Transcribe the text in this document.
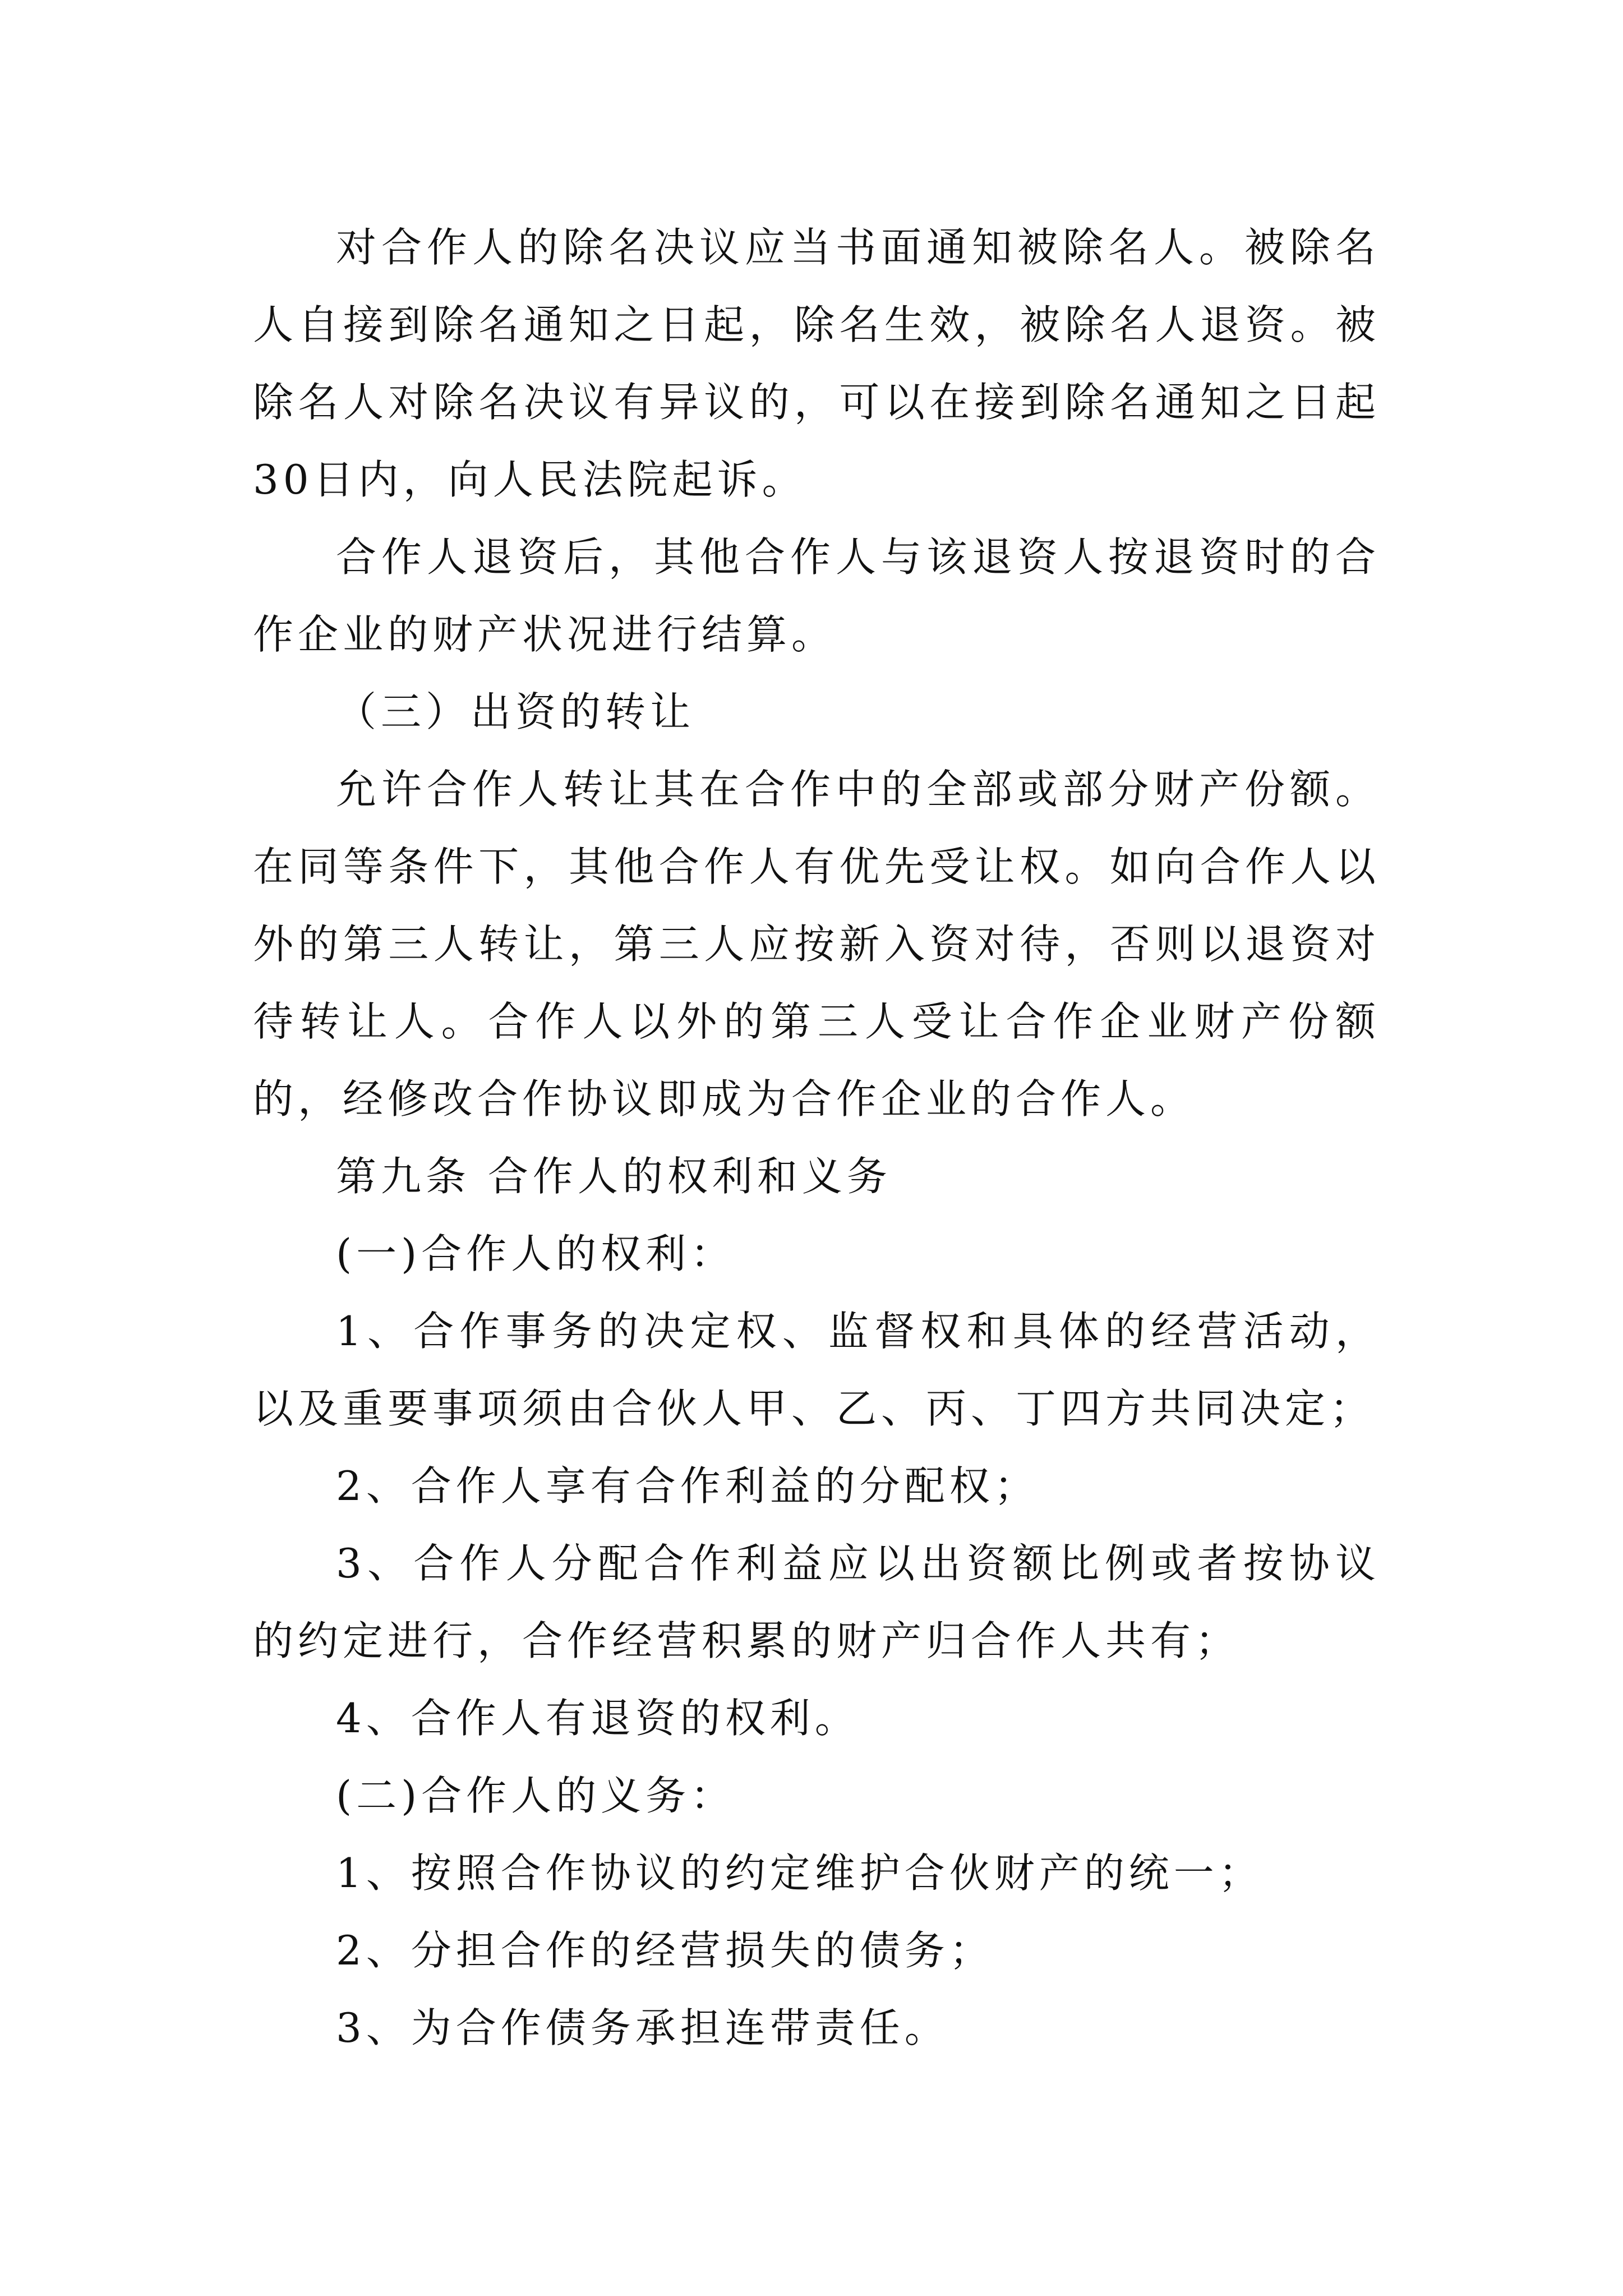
对合作人的除名决议应当书面通知被除名人。被除名人自接到除名通知之日起，除名生效，被除名人退资。被除名人对除名决议有异议的，可以在接到除名通知之日起30日内，向人民法院起诉。

合作人退资后，其他合作人与该退资人按退资时的合作企业的财产状况进行结算。

（三）出资的转让

允许合作人转让其在合作中的全部或部分财产份额。在同等条件下，其他合作人有优先受让权。如向合作人以外的第三人转让，第三人应按新入资对待，否则以退资对待转让人。合作人以外的第三人受让合作企业财产份额的，经修改合作协议即成为合作企业的合作人。

第九条 合作人的权利和义务

(一)合作人的权利：

1、合作事务的决定权、监督权和具体的经营活动，以及重要事项须由合伙人甲、乙、丙、丁四方共同决定；

2、合作人享有合作利益的分配权；

3、合作人分配合作利益应以出资额比例或者按协议的约定进行，合作经营积累的财产归合作人共有；

4、合作人有退资的权利。

(二)合作人的义务：

1、按照合作协议的约定维护合伙财产的统一；

2、分担合作的经营损失的债务；

3、为合作债务承担连带责任。
